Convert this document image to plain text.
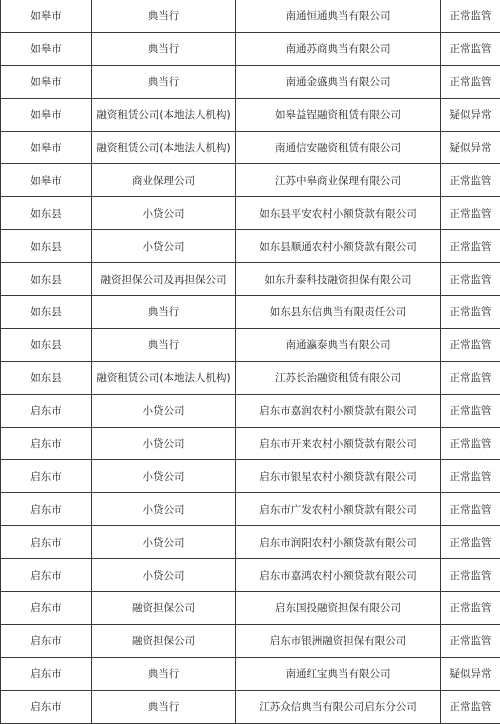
如皋市	典当行	南通恒通典当有限公司	正常监管
如皋市	典当行	南通苏商典当有限公司	正常监管
如皋市	典当行	南通金盛典当有限公司	正常监管
如皋市	融资租赁公司(本地法人机构)	如皋益锃融资租赁有限公司	疑似异常
如皋市	融资租赁公司(本地法人机构)	南通信安融资租赁有限公司	疑似异常
如皋市	商业保理公司	江苏中皋商业保理有限公司	正常监管
如东县	小贷公司	如东县平安农村小额贷款有限公司	正常监管
如东县	小贷公司	如东县顺通农村小额贷款有限公司	正常监管
如东县	融资担保公司及再担保公司	如东升泰科技融资担保有限公司	正常监管
如东县	典当行	如东县东信典当有限责任公司	正常监管
如东县	典当行	南通瀛泰典当有限公司	正常监管
如东县	融资租赁公司(本地法人机构)	江苏长治融资租赁有限公司	正常监管
启东市	小贷公司	启东市嘉润农村小额贷款有限公司	正常监管
启东市	小贷公司	启东市开来农村小额贷款有限公司	正常监管
启东市	小贷公司	启东市银星农村小额贷款有限公司	正常监管
启东市	小贷公司	启东市广发农村小额贷款有限公司	正常监管
启东市	小贷公司	启东市润阳农村小额贷款有限公司	正常监管
启东市	小贷公司	启东市嘉鸿农村小额贷款有限公司	正常监管
启东市	融资担保公司	启东国投融资担保有限公司	正常监管
启东市	融资担保公司	启东市银洲融资担保有限公司	正常监管
启东市	典当行	南通红宝典当有限公司	疑似异常
启东市	典当行	江苏众信典当有限公司启东分公司	正常监管
